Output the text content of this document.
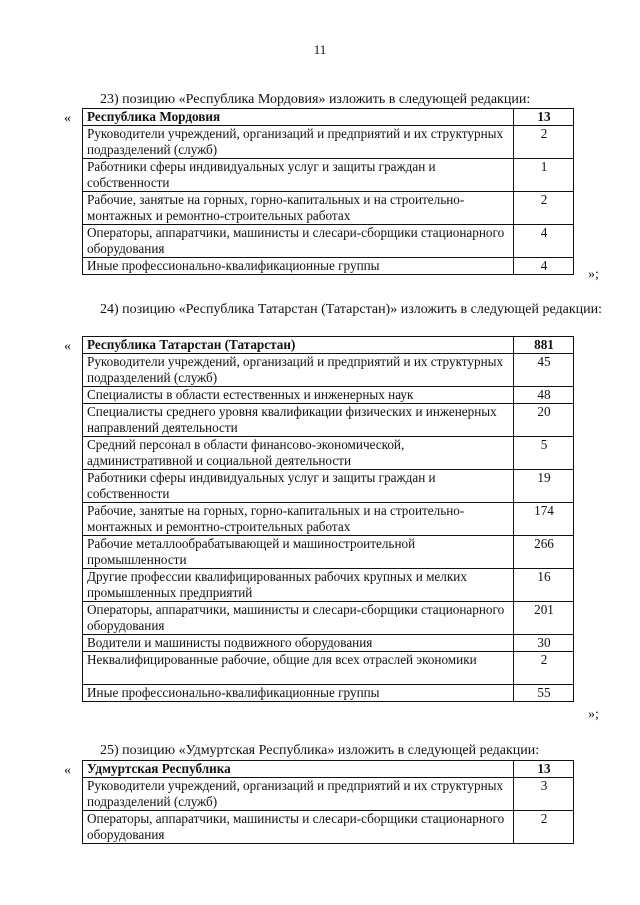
11
23) позицию «Республика Мордовия» изложить в следующей редакции:
« Республика Мордовия	13
Руководители учреждений, организаций и предприятий и их структурных подразделений (служб)	2
Работники сферы индивидуальных услуг и защиты граждан и собственности	1
Рабочие, занятые на горных, горно-капитальных и на строительно-монтажных и ремонтно-строительных работах	2
Операторы, аппаратчики, машинисты и слесари-сборщики стационарного оборудования	4
Иные профессионально-квалификационные группы	4
»;
24) позицию «Республика Татарстан (Татарстан)» изложить в следующей редакции:
« Республика Татарстан (Татарстан)	881
Руководители учреждений, организаций и предприятий и их структурных подразделений (служб)	45
Специалисты в области естественных и инженерных наук	48
Специалисты среднего уровня квалификации физических и инженерных направлений деятельности	20
Средний персонал в области финансово-экономической, административной и социальной деятельности	5
Работники сферы индивидуальных услуг и защиты граждан и собственности	19
Рабочие, занятые на горных, горно-капитальных и на строительно-монтажных и ремонтно-строительных работах	174
Рабочие металлообрабатывающей и машиностроительной промышленности	266
Другие профессии квалифицированных рабочих крупных и мелких промышленных предприятий	16
Операторы, аппаратчики, машинисты и слесари-сборщики стационарного оборудования	201
Водители и машинисты подвижного оборудования	30
Неквалифицированные рабочие, общие для всех отраслей экономики	2
Иные профессионально-квалификационные группы	55
»;
25) позицию «Удмуртская Республика» изложить в следующей редакции:
« Удмуртская Республика	13
Руководители учреждений, организаций и предприятий и их структурных подразделений (служб)	3
Операторы, аппаратчики, машинисты и слесари-сборщики стационарного оборудования	2
